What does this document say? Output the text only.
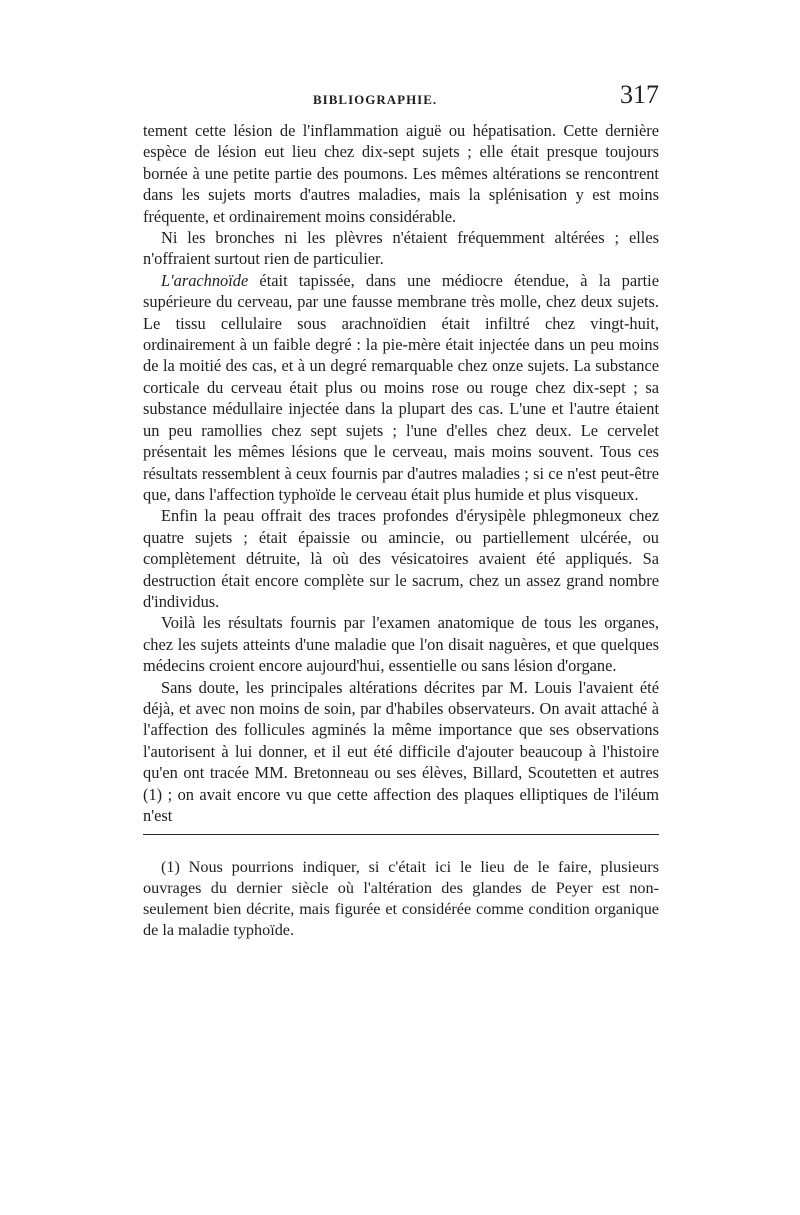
BIBLIOGRAPHIE.	317

tement cette lésion de l'inflammation aiguë ou hépatisation. Cette dernière espèce de lésion eut lieu chez dix-sept sujets ; elle était presque toujours bornée à une petite partie des poumons. Les mêmes altérations se rencontrent dans les sujets morts d'autres maladies, mais la splénisation y est moins fréquente, et ordinairement moins considérable.

Ni les bronches ni les plèvres n'étaient fréquemment altérées ; elles n'offraient surtout rien de particulier.

L'arachnoïde était tapissée, dans une médiocre étendue, à la partie supérieure du cerveau, par une fausse membrane très molle, chez deux sujets. Le tissu cellulaire sous arachnoïdien était infiltré chez vingt-huit, ordinairement à un faible degré : la pie-mère était injectée dans un peu moins de la moitié des cas, et à un degré remarquable chez onze sujets. La substance corticale du cerveau était plus ou moins rose ou rouge chez dix-sept ; sa substance médullaire injectée dans la plupart des cas. L'une et l'autre étaient un peu ramollies chez sept sujets ; l'une d'elles chez deux. Le cervelet présentait les mêmes lésions que le cerveau, mais moins souvent. Tous ces résultats ressemblent à ceux fournis par d'autres maladies ; si ce n'est peut-être que, dans l'affection typhoïde le cerveau était plus humide et plus visqueux.

Enfin la peau offrait des traces profondes d'érysipèle phlegmoneux chez quatre sujets ; était épaissie ou amincie, ou partiellement ulcérée, ou complètement détruite, là où des vésicatoires avaient été appliqués. Sa destruction était encore complète sur le sacrum, chez un assez grand nombre d'individus.

Voilà les résultats fournis par l'examen anatomique de tous les organes, chez les sujets atteints d'une maladie que l'on disait naguères, et que quelques médecins croient encore aujourd'hui, essentielle ou sans lésion d'organe.

Sans doute, les principales altérations décrites par M. Louis l'avaient été déjà, et avec non moins de soin, par d'habiles observateurs. On avait attaché à l'affection des follicules agminés la même importance que ses observations l'autorisent à lui donner, et il eut été difficile d'ajouter beaucoup à l'histoire qu'en ont tracée MM. Bretonneau ou ses élèves, Billard, Scoutetten et autres (1) ; on avait encore vu que cette affection des plaques elliptiques de l'iléum n'est

(1) Nous pourrions indiquer, si c'était ici le lieu de le faire, plusieurs ouvrages du dernier siècle où l'altération des glandes de Peyer est non-seulement bien décrite, mais figurée et considérée comme condition organique de la maladie typhoïde.
